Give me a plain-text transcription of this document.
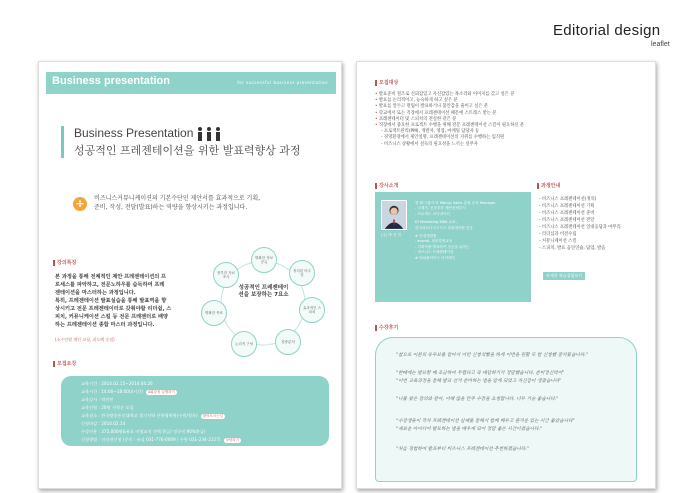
Editorial design
leaflet
Business presentation	for successful business presentation
Business Presentation
성공적인 프레젠테이션을 위한 발표력향상 과정
+	비즈니스커뮤니케이션의 기본수단인 제안서를 효과적으로 기획,
준비, 작성, 전달(발표)하는 역량을 향상시키는 과정입니다.
강의특징
본 과정을 통해 전체적인 제안 프레젠테이션의 프
로세스를 파악하고, 전문노하우를 습득하여 프레
젠테이션을 마스터하는 과정입니다.
특히, 프레젠테이션 발표실습을 통해 발표역을 향
상시키고 전문 프레젠테이터로 갖춰야할 리더쉽, 스
피치, 커뮤니케이션 스킬 등 전문 프레젠터로 배양
하는 프레젠테이션 종합 마스터 과정입니다.
(소수인원 개인 코칭, 피드백 중점)
성공적인 프레젠테이션을 보장하는 7요소
명확한 정보 공유
정리된 비주얼
효과적인 스피치
청중분석
논리적 구성
명확한 목표
풍부한 자료조사
모집요강
교육기간 : 2014.02.15~2014.04.26
교육시간 : 14:00~18:00(4시간) 4회강정 실행하기
교육강사 : 박진민
교육인원 : 20명 선착순 모집
교육장소 : 한국방송통신대학교 경기지역 산학협력원(수원/정자) 찾아오시는길
신청마감 : 2014.02.14
수강비용 : 375,000원&유호 비영교직 전액 환급/ 정규직 90%환급)
신청방법 : 인터넷신청 (문의 : 유실 031-776-0009 / 수원 031-234-2127) 상담하기
모집대상
• 발표준비 철조로 신뢰감있고 자신감있는 목소리와 이미지를 갖고 싶은 분
• 발표를 논리적이고, 능숙하게 하고 싶은 분
• 발표를 앞두고 떨림이 발표하거나 불안감을 줄이고 싶은 분
• 학교에서 또는 직장에서 프레젠테이션 때문에 스트레스 받는 분
• 프레젠테이터 및 스피치의 전실한 같은 분
• 직장에서 중요한 프로젝트 수행을 위해 전문 프레젠테이션 스킬이 필요하신 분
- 프로젝트관리(PM), 개발자, 영업, 마케팅 담당자 등
- 경영환경에서 제안설명, 프레젠테이션의 지위를 수행하는 임직원
- 비즈니스 상황에서 설득의 필요성을 느끼는 실무자
강사소개
(주) 박 진 민
현 KT그룹사 IT Mecup Sales 총괄 수석 Manager
- 국제전, 공공부문 제안전담부서
- 프로젝트 코디네이터
KT Marketing MBA 수료,
한국파로디지시시스 결영대학원 전공
# 인재개발원
- scandi, 정의경영교육
- 기획역량 발표하여 성공을 위하는
- 비즈니스 프레젠테이션
# 외피플아이드 마이테이
과정안내
- 비즈니스 프레젠테이션(정의)
- 비즈니스 프레젠테이션 기획
- 비즈니스 프레젠테이션 준비
- 비즈니스 프레젠테이션 전달
- 비즈니스 프레젠테이션 일대응답과 마무리
- 리더십과 비전수립
- 커뮤니케이션 스킬
- 스피치, 발표 음연연습, 답업, 발음
자세한 학습경험보기
수강후기
"참으로 이분의 유투보를 알아서 이런 신청석했을 하게 이번을 원활 모 함 신청했 잘지웠습니다."
"한때에는 발표할 때 조금하여 두렵다고 꼭 대답하기가 정말했습니다, 준비정신력이"
"이번 교육과정을 통해 발표 선거 준비하는 법을 알게 되었고 자신감이 생겼습니다"
"나를 찾은 강의와 같아, 이해 않을 만주 수강을 요청합니다. 너무 기술 좋습니다."
"수강생들이 각자 프레젠테이션 실제를 통해서 함께 배우고 즐거운 있는 시간 좋았습니다"
"새로운 아이디어 발표하는 법을 배우게 되어 정말 좋은 시간이였습니다."
"처음 경험하여 발표부터 비즈니스 프레젠테이션 추천하겠습니다."
